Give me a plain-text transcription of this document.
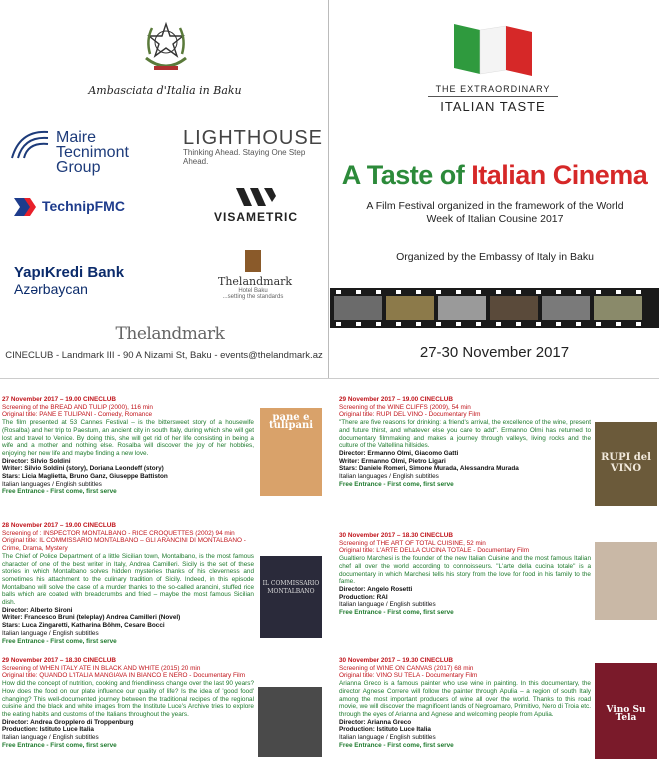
Ambasciata d'Italia in Baku
Maire Tecnimont Group
LIGHTHOUSE
Thinking Ahead. Staying One Step Ahead.
TechnipFMC
VISAMETRIC
YapıKredi Bank
Azərbaycan	Thelandmark
Hotel Baku
...setting the standards
Thelandmark
CINECLUB - Landmark III - 90 A Nizami St, Baku - events@thelandmark.az
THE EXTRAORDINARY
ITALIAN TASTE
A Taste of Italian Cinema
A Film Festival organized in the framework of the World Week of Italian Cousine 2017
Organized by the Embassy of Italy in Baku
27-30 November 2017
27 November 2017 – 19.00 CINECLUB
Screening of the BREAD AND TULIP (2000), 116 min
Original title: PANE E TULIPANI - Comedy, Romance
The film presented at 53 Cannes Festival – is the bittersweet story of a housewife (Rosalba) and her trip to Paestum, an ancient city in south Italy, during which she will get lost and travel to Venice. By doing this, she will get rid of her life consisting in being a wife and a mother and nothing else. Rosalba will discover the joy of her hobbies, enjoying her new life and maybe finding a new love.
Director: Silvio Soldini
Writer: Silvio Soldini (story), Doriana Leondeff (story)
Stars: Licia Maglietta, Bruno Ganz, Giuseppe Battiston
Italian languages / English subtitles
Free Entrance - First come, first serve
pane e tulipani
28 November 2017 – 19.00 CINECLUB
Screening of : INSPECTOR MONTALBANO - RICE CROQUETTES (2002) 94 min
Original title: IL COMMISSARIO MONTALBANO – GLI ARANCINI DI MONTALBANO - Crime, Drama, Mystery
The Chief of Police Department of a little Sicilian town, Montalbano, is the most famous character of one of the best writer in Italy, Andrea Camilleri. Sicily is the set of these stories in which Montalbano solves hidden mysteries thanks of his cleverness and sometimes his attachment to the culinary tradition of Sicily. Indeed, in this episode Montalbano will solve the case of a murder thanks to the so-called arancini, stuffed rice balls which are coated with breadcrumbs and fried – maybe the most famous Sicilian dish.
Director: Alberto Sironi
Writer: Francesco Bruni (teleplay) Andrea Camilleri (Novel)
Stars: Luca Zingaretti, Katharina Böhm, Cesare Bocci
Italian language / English subtitles
Free Entrance - First come, first serve
IL COMMISSARIO MONTALBANO
29 November 2017 – 18.30 CINECLUB
Screening of WHEN ITALY ATE IN BLACK AND WHITE (2015) 20 min
Original title: QUANDO L'ITALIA MANGIAVA IN BIANCO E NERO - Documentary Film
How did the concept of nutrition, cooking and friendliness change over the last 90 years? How does the food on our plate influence our quality of life? Is the idea of 'good food' changing? This well-documented journey between the traditional recipes of the regional cuisine and the black and white images from the Institute Luce's Archive tries to explore the eating habits and customs of the Italians throughout the years.
Director: Andrea Gropplero di Troppenburg
Production: Istituto Luce Italia
Italian language / English subtitles
Free Entrance - First come, first serve
29 November 2017 – 19.00 CINECLUB
Screening of the WINE CLIFFS (2009), 54 min
Original title: RUPI DEL VINO - Documentary Film
"There are five reasons for drinking: a friend's arrival, the excellence of the wine, present and future thirst, and whatever else you care to add". Ermanno Olmi has returned to documentary filmmaking and makes a journey through valleys, living rocks and the culture of the Valtellina hillsides.
Director: Ermanno Olmi, Giacomo Gatti
Writer: Ermanno Olmi, Pietro Ligari
Stars: Daniele Romeri, Simone Murada, Alessandra Murada
Italian languages / English subtitles
Free Entrance - First come, first serve
RUPI del VINO
30 November 2017 – 18.30 CINECLUB
Screening of THE ART OF TOTAL CUISINE, 52 min
Original title: L'ARTE DELLA CUCINA TOTALE - Documentary Film
Gualtiero Marchesi is the founder of the new Italian Cuisine and the most famous Italian chef all over the world according to connoisseurs. "L'arte della cucina totale" is a documentary in which Marchesi tells his story from the love for food in his family to the fame.
Director: Angelo Rosetti
Production: RAI
Italian language / English subtitles
Free Entrance - First come, first serve
30 November 2017 – 19.30 CINECLUB
Screening of WINE ON CANVAS (2017) 68 min
Original title: VINO SU TELA - Documentary Film
Arianna Greco is a famous painter who use wine in painting. In this documentary, the director Agnese Correre will follow the painter through Apulia – a region of south Italy among the most important producers of wine all over the world. Thanks to this road movie, we will discover the magnificent lands of Negroamaro, Primitivo, Nero di Troia etc. through the eyes of Arianna and Agnese and welcoming people from Apulia.
Director: Arianna Greco
Production: Istituto Luce Italia
Italian language / English subtitles
Free Entrance - First come, first serve
Vino Su Tela
